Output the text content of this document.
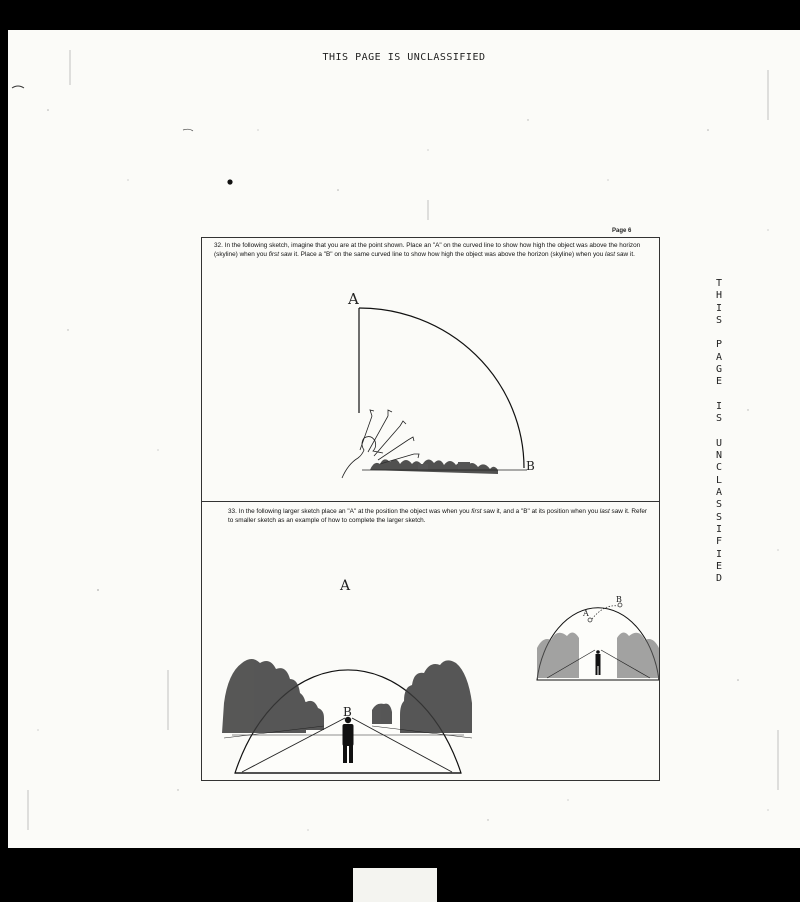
THIS PAGE IS UNCLASSIFIED
T
H
I
S
P
A
G
E
I
S
U
N
C
L
A
S
S
I
F
I
E
D
Page 6
32. In the following sketch, imagine that you are at the point shown. Place an "A" on the curved line to show how high the object was above the horizon (skyline) when you first saw it. Place a "B" on the same curved line to show how high the object was above the horizon (skyline) when you last saw it.
33. In the following larger sketch place an "A" at the position the object was when you first saw it, and a "B" at its position when you last saw it. Refer to smaller sketch as an example of how to complete the larger sketch.
A
B
A
B
A
B
